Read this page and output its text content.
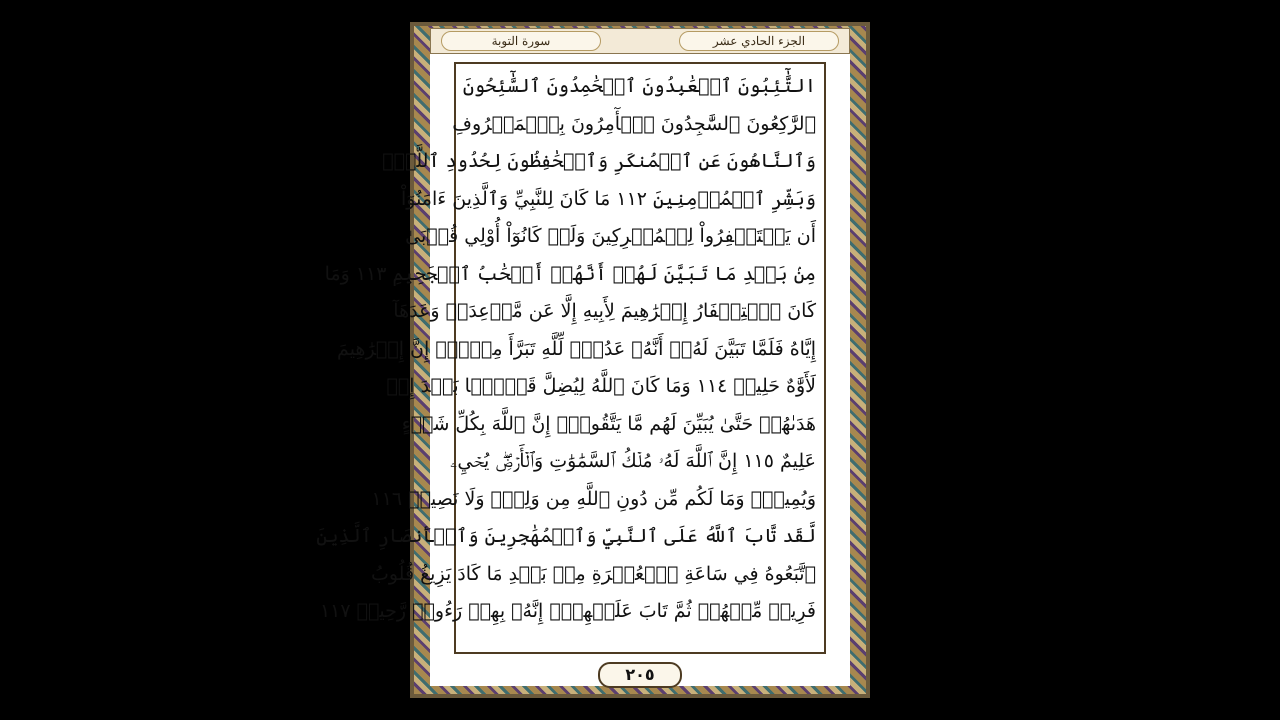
الجزء الحادي عشر
سورة التوبة
التَّٰٓئِبُونَ ٱلۡعَٰبِدُونَ ٱلۡحَٰمِدُونَ ٱلسَّٰٓئِحُونَ
ٱلرَّٰكِعُونَ ٱلسَّٰجِدُونَ ٱلۡأٓمِرُونَ بِٱلۡمَعۡرُوفِ
وَٱلنَّاهُونَ عَنِ ٱلۡمُنكَرِ وَٱلۡحَٰفِظُونَ لِحُدُودِ ٱللَّهِۗ
وَبَشِّرِ ٱلۡمُؤۡمِنِينَ ١١٢ مَا كَانَ لِلنَّبِيِّ وَٱلَّذِينَ ءَامَنُوٓاْ
أَن يَسۡتَغۡفِرُواْ لِلۡمُشۡرِكِينَ وَلَوۡ كَانُوٓاْ أُوْلِي قُرۡبَىٰ
مِنۢ بَعۡدِ مَا تَبَيَّنَ لَهُمۡ أَنَّهُمۡ أَصۡحَٰبُ ٱلۡجَحِيمِ ١١٣ وَمَا
كَانَ ٱسۡتِغۡفَارُ إِبۡرَٰهِيمَ لِأَبِيهِ إِلَّا عَن مَّوۡعِدَةٖ وَعَدَهَآ
إِيَّاهُ فَلَمَّا تَبَيَّنَ لَهُۥٓ أَنَّهُۥ عَدُوّٞ لِّلَّهِ تَبَرَّأَ مِنۡهُۚ إِنَّ إِبۡرَٰهِيمَ
لَأَوَّٰهٌ حَلِيمٞ ١١٤ وَمَا كَانَ ٱللَّهُ لِيُضِلَّ قَوۡمَۢا بَعۡدَ إِذۡ
هَدَىٰهُمۡ حَتَّىٰ يُبَيِّنَ لَهُم مَّا يَتَّقُونَۚ إِنَّ ٱللَّهَ بِكُلِّ شَيۡءٍ
عَلِيمٌ ١١٥ إِنَّ ٱللَّهَ لَهُۥ مُلۡكُ ٱلسَّمَٰوَٰتِ وَٱلۡأَرۡضِۖ يُحۡيِۦ
وَيُمِيتُۚ وَمَا لَكُم مِّن دُونِ ٱللَّهِ مِن وَلِيّٖ وَلَا نَصِيرٖ ١١٦
لَّقَد تَّابَ ٱللَّهُ عَلَى ٱلنَّبِيِّ وَٱلۡمُهَٰجِرِينَ وَٱلۡأَنصَارِ ٱلَّذِينَ
ٱتَّبَعُوهُ فِي سَاعَةِ ٱلۡعُسۡرَةِ مِنۢ بَعۡدِ مَا كَادَ يَزِيغُ قُلُوبُ
فَرِيقٖ مِّنۡهُمۡ ثُمَّ تَابَ عَلَيۡهِمۡۚ إِنَّهُۥ بِهِمۡ رَءُوفٞ رَّحِيمٞ ١١٧
٢٠٥
